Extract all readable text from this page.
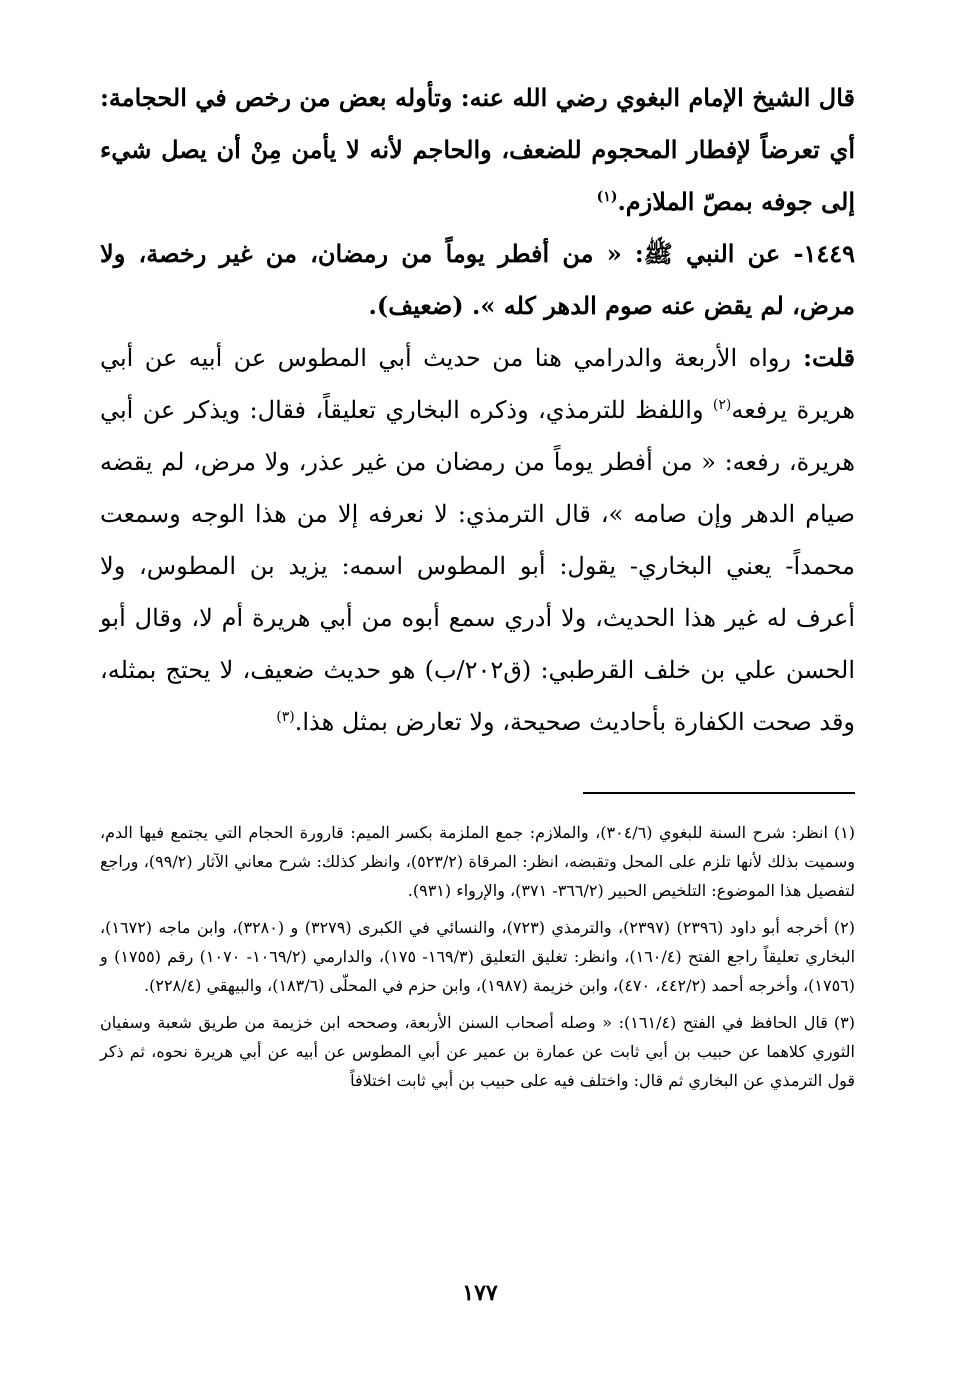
قال الشيخ الإمام البغوي رضي الله عنه: وتأوله بعض من رخص في الحجامة: أي تعرضاً لإفطار المحجوم للضعف، والحاجم لأنه لا يأمن مِنْ أن يصل شيء إلى جوفه بمصّ الملازم.$^{(١)}$

١٤٤٩- عن النبي ﷺ: « من أفطر يوماً من رمضان، من غير رخصة، ولا مرض، لم يقض عنه صوم الدهر كله ». (ضعيف).

قلت: رواه الأربعة والدرامي هنا من حديث أبي المطوس عن أبيه عن أبي هريرة يرفعه$^{(٢)}$ واللفظ للترمذي، وذكره البخاري تعليقاً، فقال: ويذكر عن أبي هريرة، رفعه: « من أفطر يوماً من رمضان من غير عذر، ولا مرض، لم يقضه صيام الدهر وإن صامه »، قال الترمذي: لا نعرفه إلا من هذا الوجه وسمعت محمداً- يعني البخاري- يقول: أبو المطوس اسمه: يزيد بن المطوس، ولا أعرف له غير هذا الحديث، ولا أدري سمع أبوه من أبي هريرة أم لا، وقال أبو الحسن علي بن خلف القرطبي: (ق٢٠٢/ب) هو حديث ضعيف، لا يحتج بمثله، وقد صحت الكفارة بأحاديث صحيحة، ولا تعارض بمثل هذا.$^{(٣)}$

(١)انظر: شرح السنة للبغوي (٣٠٤/٦)، والملازم: جمع الملزمة بكسر الميم: قارورة الحجام التي يجتمع فيها الدم، وسميت بذلك لأنها تلزم على المحل وتقبضه، انظر: المرقاة (٥٢٣/٢)، وانظر كذلك: شرح معاني الآثار (٩٩/٢)، وراجع لتفصيل هذا الموضوع: التلخيص الحبير (٣٦٦/٢- ٣٧١)، والإرواء (٩٣١).

(٢)أخرجه أبو داود (٢٣٩٦) (٢٣٩٧)، والترمذي (٧٢٣)، والنسائي في الكبرى (٣٢٧٩) و (٣٢٨٠)، وابن ماجه (١٦٧٢)، البخاري تعليقاً راجع الفتح (١٦٠/٤)، وانظر: تغليق التعليق (١٦٩/٣- ١٧٥)، والدارمي (١٠٦٩/٢- ١٠٧٠) رقم (١٧٥٥) و (١٧٥٦)، وأخرجه أحمد (٤٤٢/٢، ٤٧٠)، وابن خزيمة (١٩٨٧)، وابن حزم في المحلّى (١٨٣/٦)، والبيهقي (٢٢٨/٤).

(٣)قال الحافظ في الفتح (١٦١/٤): « وصله أصحاب السنن الأربعة، وصححه ابن خزيمة من طريق شعبة وسفيان الثوري كلاهما عن حبيب بن أبي ثابت عن عمارة بن عمير عن أبي المطوس عن أبيه عن أبي هريرة نحوه، ثم ذكر قول الترمذي عن البخاري ثم قال: واختلف فيه على حبيب بن أبي ثابت اختلافاً

١٧٧
